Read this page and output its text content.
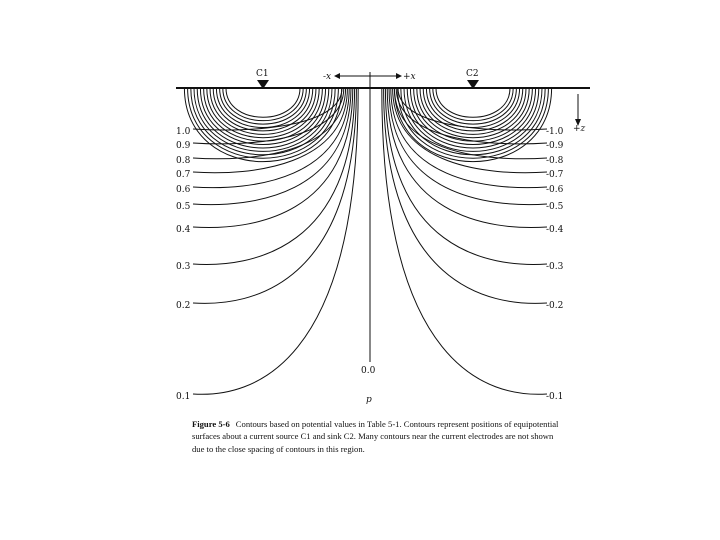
C1	C2
-x	+x
+z
0.0
p
1.0
0.9
0.8
0.7
0.6
0.5
0.4
0.3
0.2
0.1
-1.0
-0.9
-0.8
-0.7
-0.6
-0.5
-0.4
-0.3
-0.2
-0.1
Figure 5-6 Contours based on potential values in Table 5-1. Contours represent positions of equipotential surfaces about a current source C1 and sink C2. Many contours near the current electrodes are not shown due to the close spacing of contours in this region.
